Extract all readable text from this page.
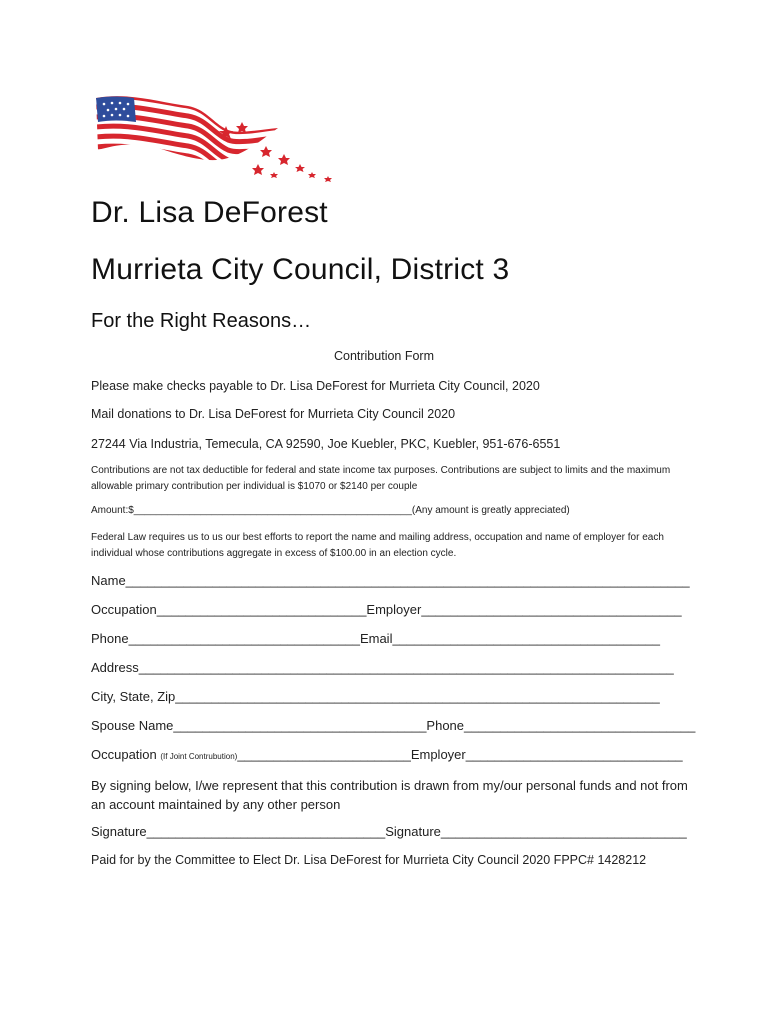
Dr. Lisa DeForest
Murrieta City Council, District 3
For the Right Reasons…
Contribution Form
Please make checks payable to Dr. Lisa DeForest for Murrieta City Council, 2020
Mail donations to Dr. Lisa DeForest for Murrieta City Council 2020
27244 Via Industria, Temecula, CA 92590, Joe Kuebler, PKC, Kuebler, 951-676-6551
Contributions are not tax deductible for federal and state income tax purposes. Contributions are subject to limits and the maximum allowable primary contribution per individual is $1070 or $2140 per couple
Amount:$__________________________________________________(Any amount is greatly appreciated)
Federal Law requires us to us our best efforts to report the name and mailing address, occupation and name of employer for each individual whose contributions aggregate in excess of $100.00 in an election cycle.
Name______________________________________________________________________________
Occupation_____________________________Employer____________________________________
Phone________________________________Email_____________________________________
Address__________________________________________________________________________
City, State, Zip___________________________________________________________________
Spouse Name___________________________________Phone________________________________
Occupation (If Joint Contrubution)________________________Employer______________________________
By signing below, I/we represent that this contribution is drawn from my/our personal funds and not from an account maintained by any other person
Signature_________________________________Signature__________________________________
Paid for by the Committee to Elect Dr. Lisa DeForest for Murrieta City Council 2020 FPPC# 1428212
